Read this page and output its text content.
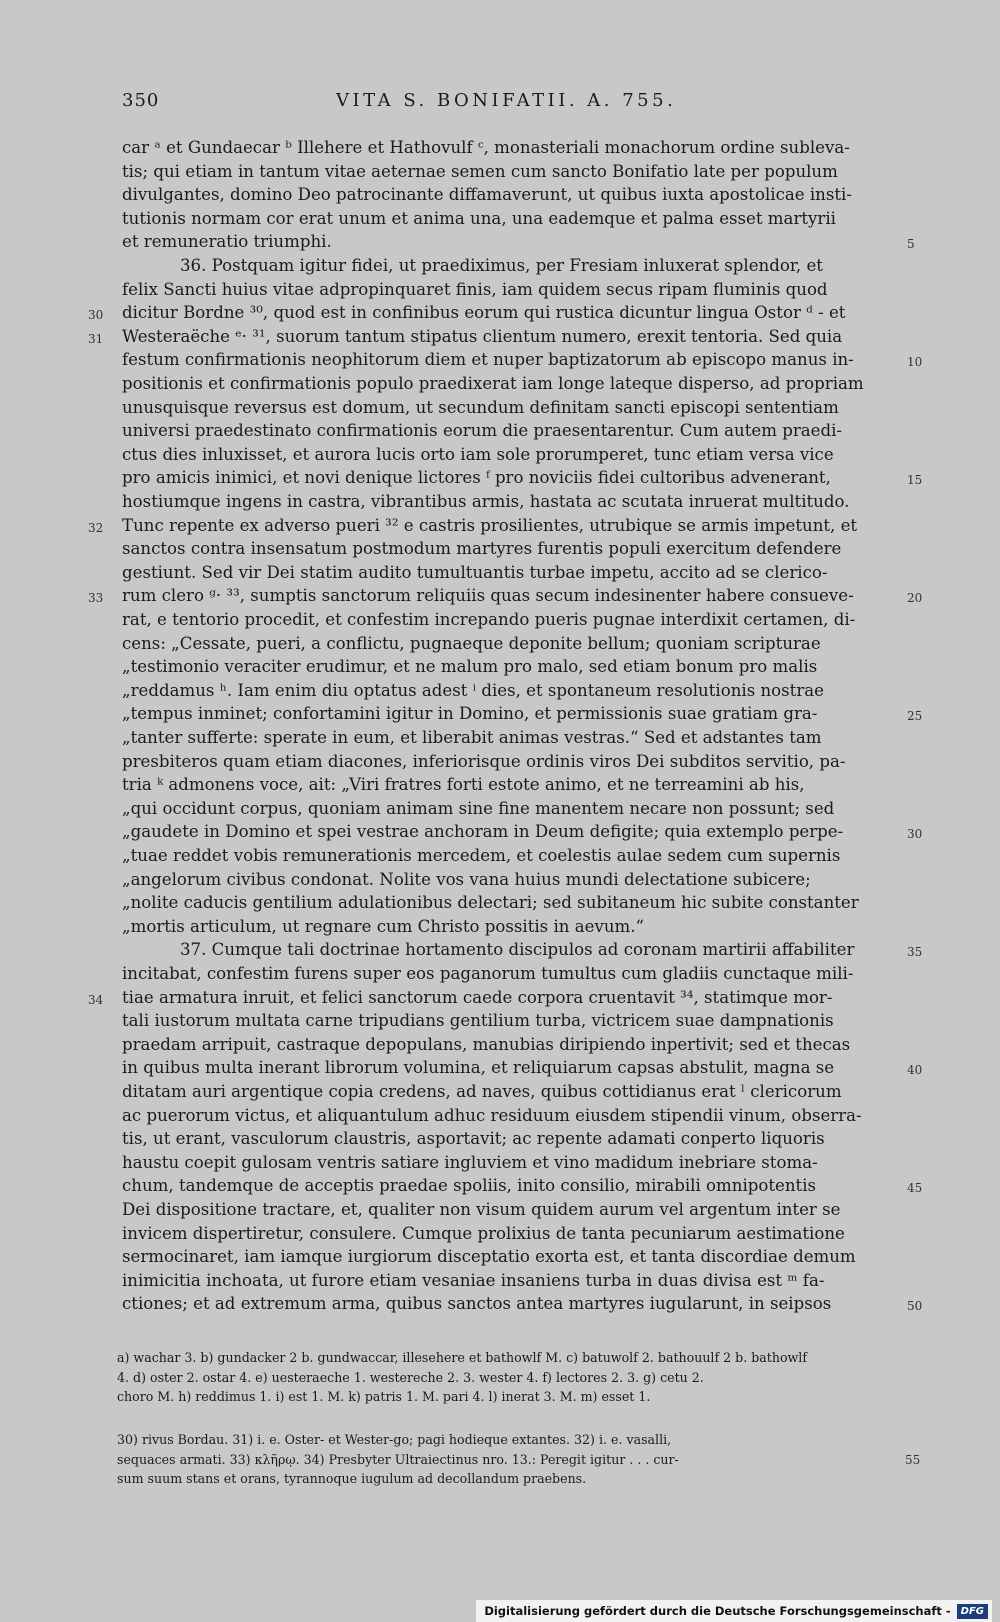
350	VITA S. BONIFATII. A. 755.
car ᵃ et Gundaecar ᵇ Illehere et Hathovulf ᶜ, monasteriali monachorum ordine subleva-
tis; qui etiam in tantum vitae aeternae semen cum sancto Bonifatio late per populum
divulgantes, domino Deo patrocinante diffamaverunt, ut quibus iuxta apostolicae insti-
tutionis normam cor erat unum et anima una, una eademque et palma esset martyrii
et remuneratio triumphi.	5
36. Postquam igitur fidei, ut praediximus, per Fresiam inluxerat splendor, et
felix Sancti huius vitae adpropinquaret finis, iam quidem secus ripam fluminis quod
dicitur Bordne ³⁰, quod est in confinibus eorum qui rustica dicuntur lingua Ostor ᵈ - et
30
Westeraëche ᵉ· ³¹, suorum tantum stipatus clientum numero, erexit tentoria. Sed quia
31
festum confirmationis neophitorum diem et nuper baptizatorum ab episcopo manus in-	10
positionis et confirmationis populo praedixerat iam longe lateque disperso, ad propriam
unusquisque reversus est domum, ut secundum definitam sancti episcopi sententiam
universi praedestinato confirmationis eorum die praesentarentur. Cum autem praedi-
ctus dies inluxisset, et aurora lucis orto iam sole prorumperet, tunc etiam versa vice
pro amicis inimici, et novi denique lictores ᶠ pro noviciis fidei cultoribus advenerant,	15
hostiumque ingens in castra, vibrantibus armis, hastata ac scutata inruerat multitudo.
Tunc repente ex adverso pueri ³² e castris prosilientes, utrubique se armis impetunt, et
32
sanctos contra insensatum postmodum martyres furentis populi exercitum defendere
gestiunt. Sed vir Dei statim audito tumultuantis turbae impetu, accito ad se clerico-
rum clero ᵍ· ³³, sumptis sanctorum reliquiis quas secum indesinenter habere consueve-
33	20
rat, e tentorio procedit, et confestim increpando pueris pugnae interdixit certamen, di-
cens: „Cessate, pueri, a conflictu, pugnaeque deponite bellum; quoniam scripturae
„testimonio veraciter erudimur, et ne malum pro malo, sed etiam bonum pro malis
„reddamus ʰ. Iam enim diu optatus adest ⁱ dies, et spontaneum resolutionis nostrae
„tempus inminet; confortamini igitur in Domino, et permissionis suae gratiam gra-	25
„tanter sufferte: sperate in eum, et liberabit animas vestras.“ Sed et adstantes tam
presbiteros quam etiam diacones, inferiorisque ordinis viros Dei subditos servitio, pa-
tria ᵏ admonens voce, ait: „Viri fratres forti estote animo, et ne terreamini ab his,
„qui occidunt corpus, quoniam animam sine fine manentem necare non possunt; sed
„gaudete in Domino et spei vestrae anchoram in Deum defigite; quia extemplo perpe-	30
„tuae reddet vobis remunerationis mercedem, et coelestis aulae sedem cum supernis
„angelorum civibus condonat. Nolite vos vana huius mundi delectatione subicere;
„nolite caducis gentilium adulationibus delectari; sed subitaneum hic subite constanter
„mortis articulum, ut regnare cum Christo possitis in aevum.“
37. Cumque tali doctrinae hortamento discipulos ad coronam martirii affabiliter	35
incitabat, confestim furens super eos paganorum tumultus cum gladiis cunctaque mili-
tiae armatura inruit, et felici sanctorum caede corpora cruentavit ³⁴, statimque mor-
34
tali iustorum multata carne tripudians gentilium turba, victricem suae dampnationis
praedam arripuit, castraque depopulans, manubias diripiendo inpertivit; sed et thecas
in quibus multa inerant librorum volumina, et reliquiarum capsas abstulit, magna se	40
ditatam auri argentique copia credens, ad naves, quibus cottidianus erat ˡ clericorum
ac puerorum victus, et aliquantulum adhuc residuum eiusdem stipendii vinum, obserra-
tis, ut erant, vasculorum claustris, asportavit; ac repente adamati conperto liquoris
haustu coepit gulosam ventris satiare ingluviem et vino madidum inebriare stoma-
chum, tandemque de acceptis praedae spoliis, inito consilio, mirabili omnipotentis	45
Dei dispositione tractare, et, qualiter non visum quidem aurum vel argentum inter se
invicem dispertiretur, consulere. Cumque prolixius de tanta pecuniarum aestimatione
sermocinaret, iam iamque iurgiorum disceptatio exorta est, et tanta discordiae demum
inimicitia inchoata, ut furore etiam vesaniae insaniens turba in duas divisa est ᵐ fa-
ctiones; et ad extremum arma, quibus sanctos antea martyres iugularunt, in seipsos	50
a) wachar 3. b) gundacker 2 b. gundwaccar, illesehere et bathowlf M. c) batuwolf 2. bathouulf 2 b. bathowlf
4. d) oster 2. ostar 4. e) uesteraeche 1. westereche 2. 3. wester 4. f) lectores 2. 3. g) cetu 2.
choro M. h) reddimus 1. i) est 1. M. k) patris 1. M. pari 4. l) inerat 3. M. m) esset 1.
30) rivus Bordau. 31) i. e. Oster- et Wester-go; pagi hodieque extantes. 32) i. e. vasalli,
sequaces armati. 33) κλῆρῳ. 34) Presbyter Ultraiectinus nro. 13.: Peregit igitur . . . cur-	55
sum suum stans et orans, tyrannoque iugulum ad decollandum praebens.
Digitalisierung gefördert durch die Deutsche Forschungsgemeinschaft -	DFG
